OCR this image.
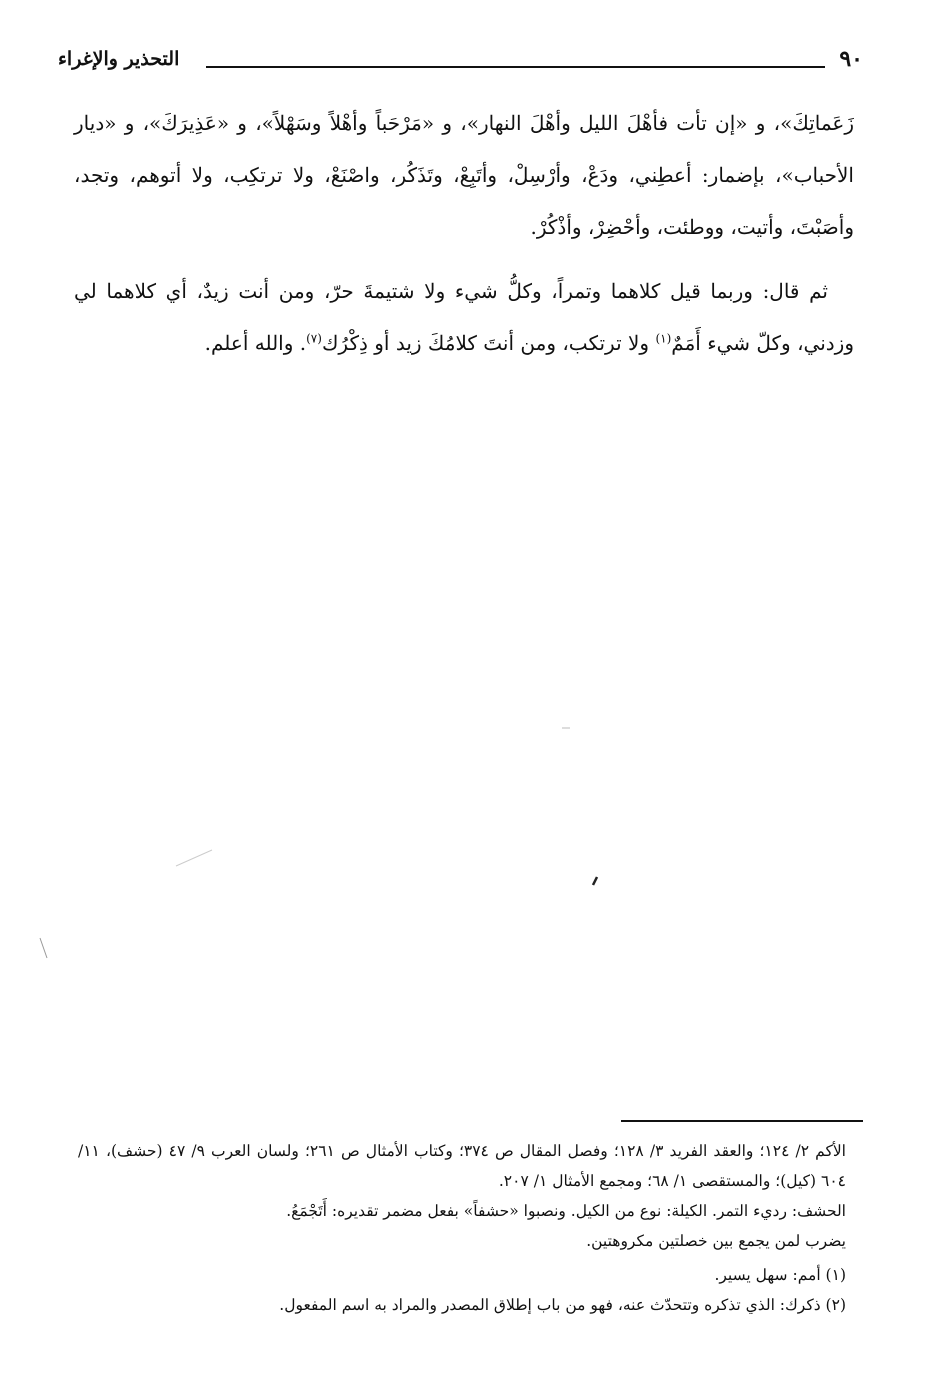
٩٠
التحذير والإغراء

زَعَماتِكَ»، و «إن تأت فأهْلَ الليل وأهْلَ النهار»، و «مَرْحَباً وأهْلاً وسَهْلاً»، و «عَذِيرَكَ»، و «ديار الأحباب»، بإضمار: أعطِني، ودَعْ، وأرْسِلْ، وأتَبِعْ، وتَذَكُر، واصْنَعْ، ولا ترتكِب، ولا أتوهم، وتجد، وأصَبْتَ، وأتيت، ووطئت، وأحْضِرْ، وأذْكُرْ.

ثم قال: وربما قيل كلاهما وتمراً، وكلُّ شيء ولا شتيمةَ حرّ، ومن أنت زيدٌ، أي كلاهما لي وزدني، وكلّ شيء أَمَمٌ$^{(١)}$ ولا ترتكب، ومن أنتَ كلامُكَ زيد أو ذِكْرُك$^{(٧)}$. والله أعلم.

الأكم ٢/ ١٢٤؛ والعقد الفريد ٣/ ١٢٨؛ وفصل المقال ص ٣٧٤؛ وكتاب الأمثال ص ٢٦١؛ ولسان العرب ٩/ ٤٧ (حشف)، ١١/ ٦٠٤ (كيل)؛ والمستقصى ١/ ٦٨؛ ومجمع الأمثال ١/ ٢٠٧.

الحشف: رديء التمر. الكيلة: نوع من الكيل. ونصبوا «حشفاً» بفعل مضمر تقديره: أَتَجْمَعُ.

يضرب لمن يجمع بين خصلتين مكروهتين.

(١) أمم: سهل يسير.

(٢) ذكرك: الذي تذكره وتتحدّث عنه، فهو من باب إطلاق المصدر والمراد به اسم المفعول.
